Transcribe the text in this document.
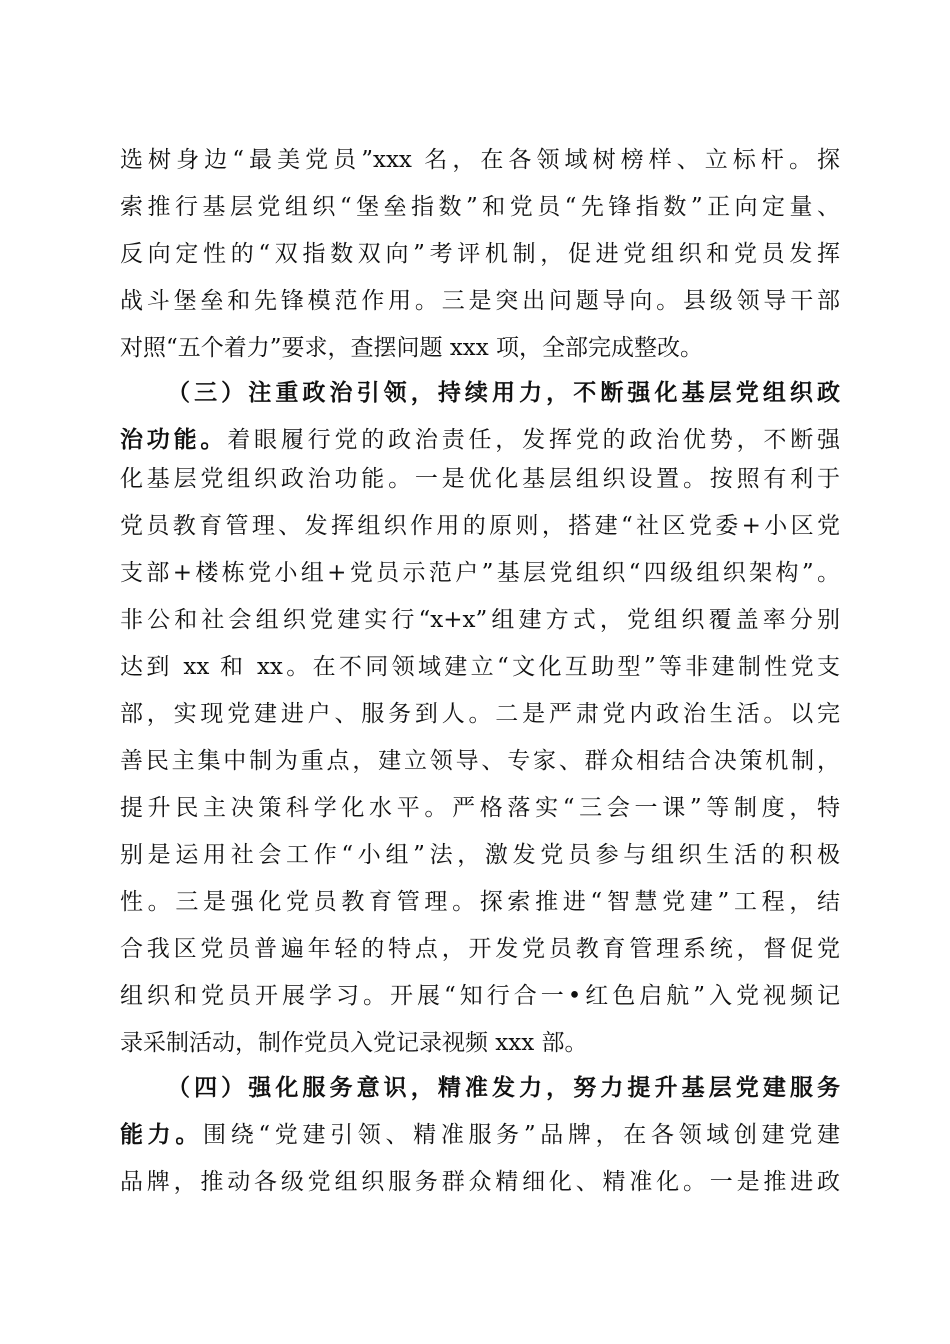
选树身边“最美党员”xxx 名，在各领域树榜样、立标杆。探

索推行基层党组织“堡垒指数”和党员“先锋指数”正向定量、

反向定性的“双指数双向”考评机制，促进党组织和党员发挥

战斗堡垒和先锋模范作用。三是突出问题导向。县级领导干部

对照“五个着力”要求，查摆问题 xxx 项，全部完成整改。

（三）注重政治引领，持续用力，不断强化基层党组织政

治功能。着眼履行党的政治责任，发挥党的政治优势，不断强

化基层党组织政治功能。一是优化基层组织设置。按照有利于

党员教育管理、发挥组织作用的原则，搭建“社区党委+小区党

支部+楼栋党小组+党员示范户”基层党组织“四级组织架构”。

非公和社会组织党建实行“x+x”组建方式，党组织覆盖率分别

达到 xx 和 xx。在不同领域建立“文化互助型”等非建制性党支

部，实现党建进户、服务到人。二是严肃党内政治生活。以完

善民主集中制为重点，建立领导、专家、群众相结合决策机制，

提升民主决策科学化水平。严格落实“三会一课”等制度，特

别是运用社会工作“小组”法，激发党员参与组织生活的积极

性。三是强化党员教育管理。探索推进“智慧党建”工程，结

合我区党员普遍年轻的特点，开发党员教育管理系统，督促党

组织和党员开展学习。开展“知行合一•红色启航”入党视频记

录采制活动，制作党员入党记录视频 xxx 部。

（四）强化服务意识，精准发力，努力提升基层党建服务

能力。围绕“党建引领、精准服务”品牌，在各领域创建党建

品牌，推动各级党组织服务群众精细化、精准化。一是推进政
